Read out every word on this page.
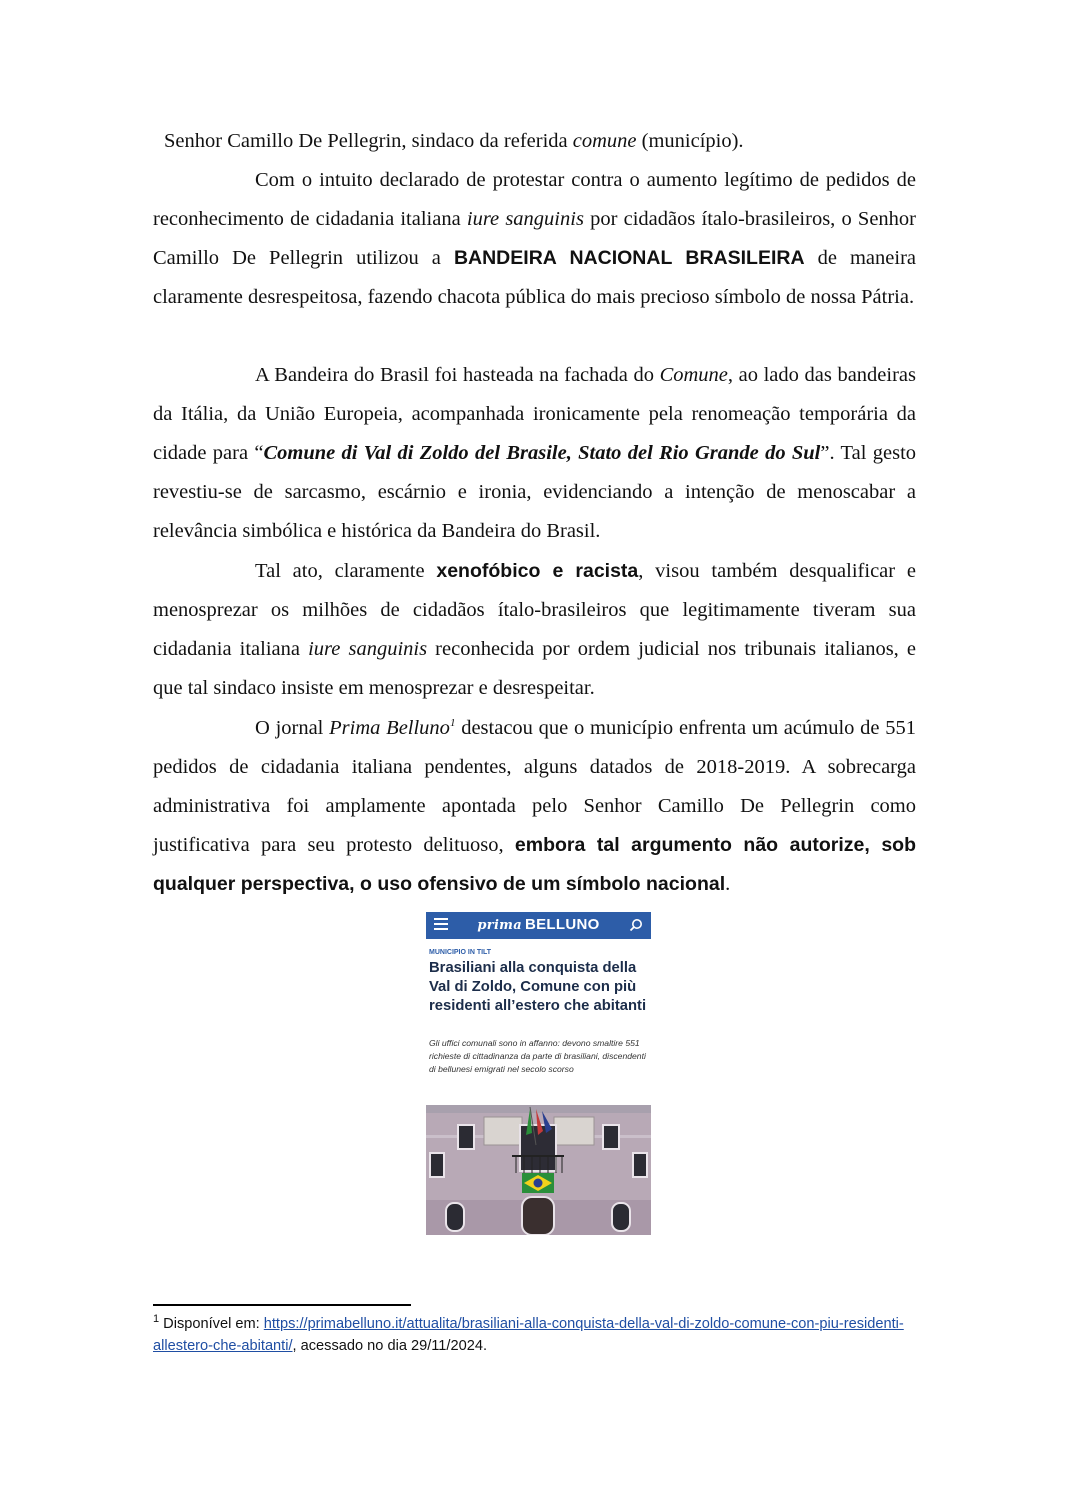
Senhor Camillo De Pellegrin, sindaco da referida comune (município).
Com o intuito declarado de protestar contra o aumento legítimo de pedidos de reconhecimento de cidadania italiana iure sanguinis por cidadãos ítalo-brasileiros, o Senhor Camillo De Pellegrin utilizou a BANDEIRA NACIONAL BRASILEIRA de maneira claramente desrespeitosa, fazendo chacota pública do mais precioso símbolo de nossa Pátria.
A Bandeira do Brasil foi hasteada na fachada do Comune, ao lado das bandeiras da Itália, da União Europeia, acompanhada ironicamente pela renomeação temporária da cidade para “Comune di Val di Zoldo del Brasile, Stato del Rio Grande do Sul”. Tal gesto revestiu-se de sarcasmo, escárnio e ironia, evidenciando a intenção de menoscabar a relevância simbólica e histórica da Bandeira do Brasil.
Tal ato, claramente xenofóbico e racista, visou também desqualificar e menosprezar os milhões de cidadãos ítalo-brasileiros que legitimamente tiveram sua cidadania italiana iure sanguinis reconhecida por ordem judicial nos tribunais italianos, e que tal sindaco insiste em menosprezar e desrespeitar.
O jornal Prima Belluno$^1$ destacou que o município enfrenta um acúmulo de 551 pedidos de cidadania italiana pendentes, alguns datados de 2018-2019. A sobrecarga administrativa foi amplamente apontada pelo Senhor Camillo De Pellegrin como justificativa para seu protesto delituoso, embora tal argumento não autorize, sob qualquer perspectiva, o uso ofensivo de um símbolo nacional.
prima BELLUNO
MUNICIPIO IN TILT
Brasiliani alla conquista della Val di Zoldo, Comune con più residenti all’estero che abitanti
Gli uffici comunali sono in affanno: devono smaltire 551 richieste di cittadinanza da parte di brasiliani, discendenti di bellunesi emigrati nel secolo scorso
$^1$ Disponível em: https://primabelluno.it/attualita/brasiliani-alla-conquista-della-val-di-zoldo-comune-con-piu-residenti-allestero-che-abitanti/, acessado no dia 29/11/2024.
